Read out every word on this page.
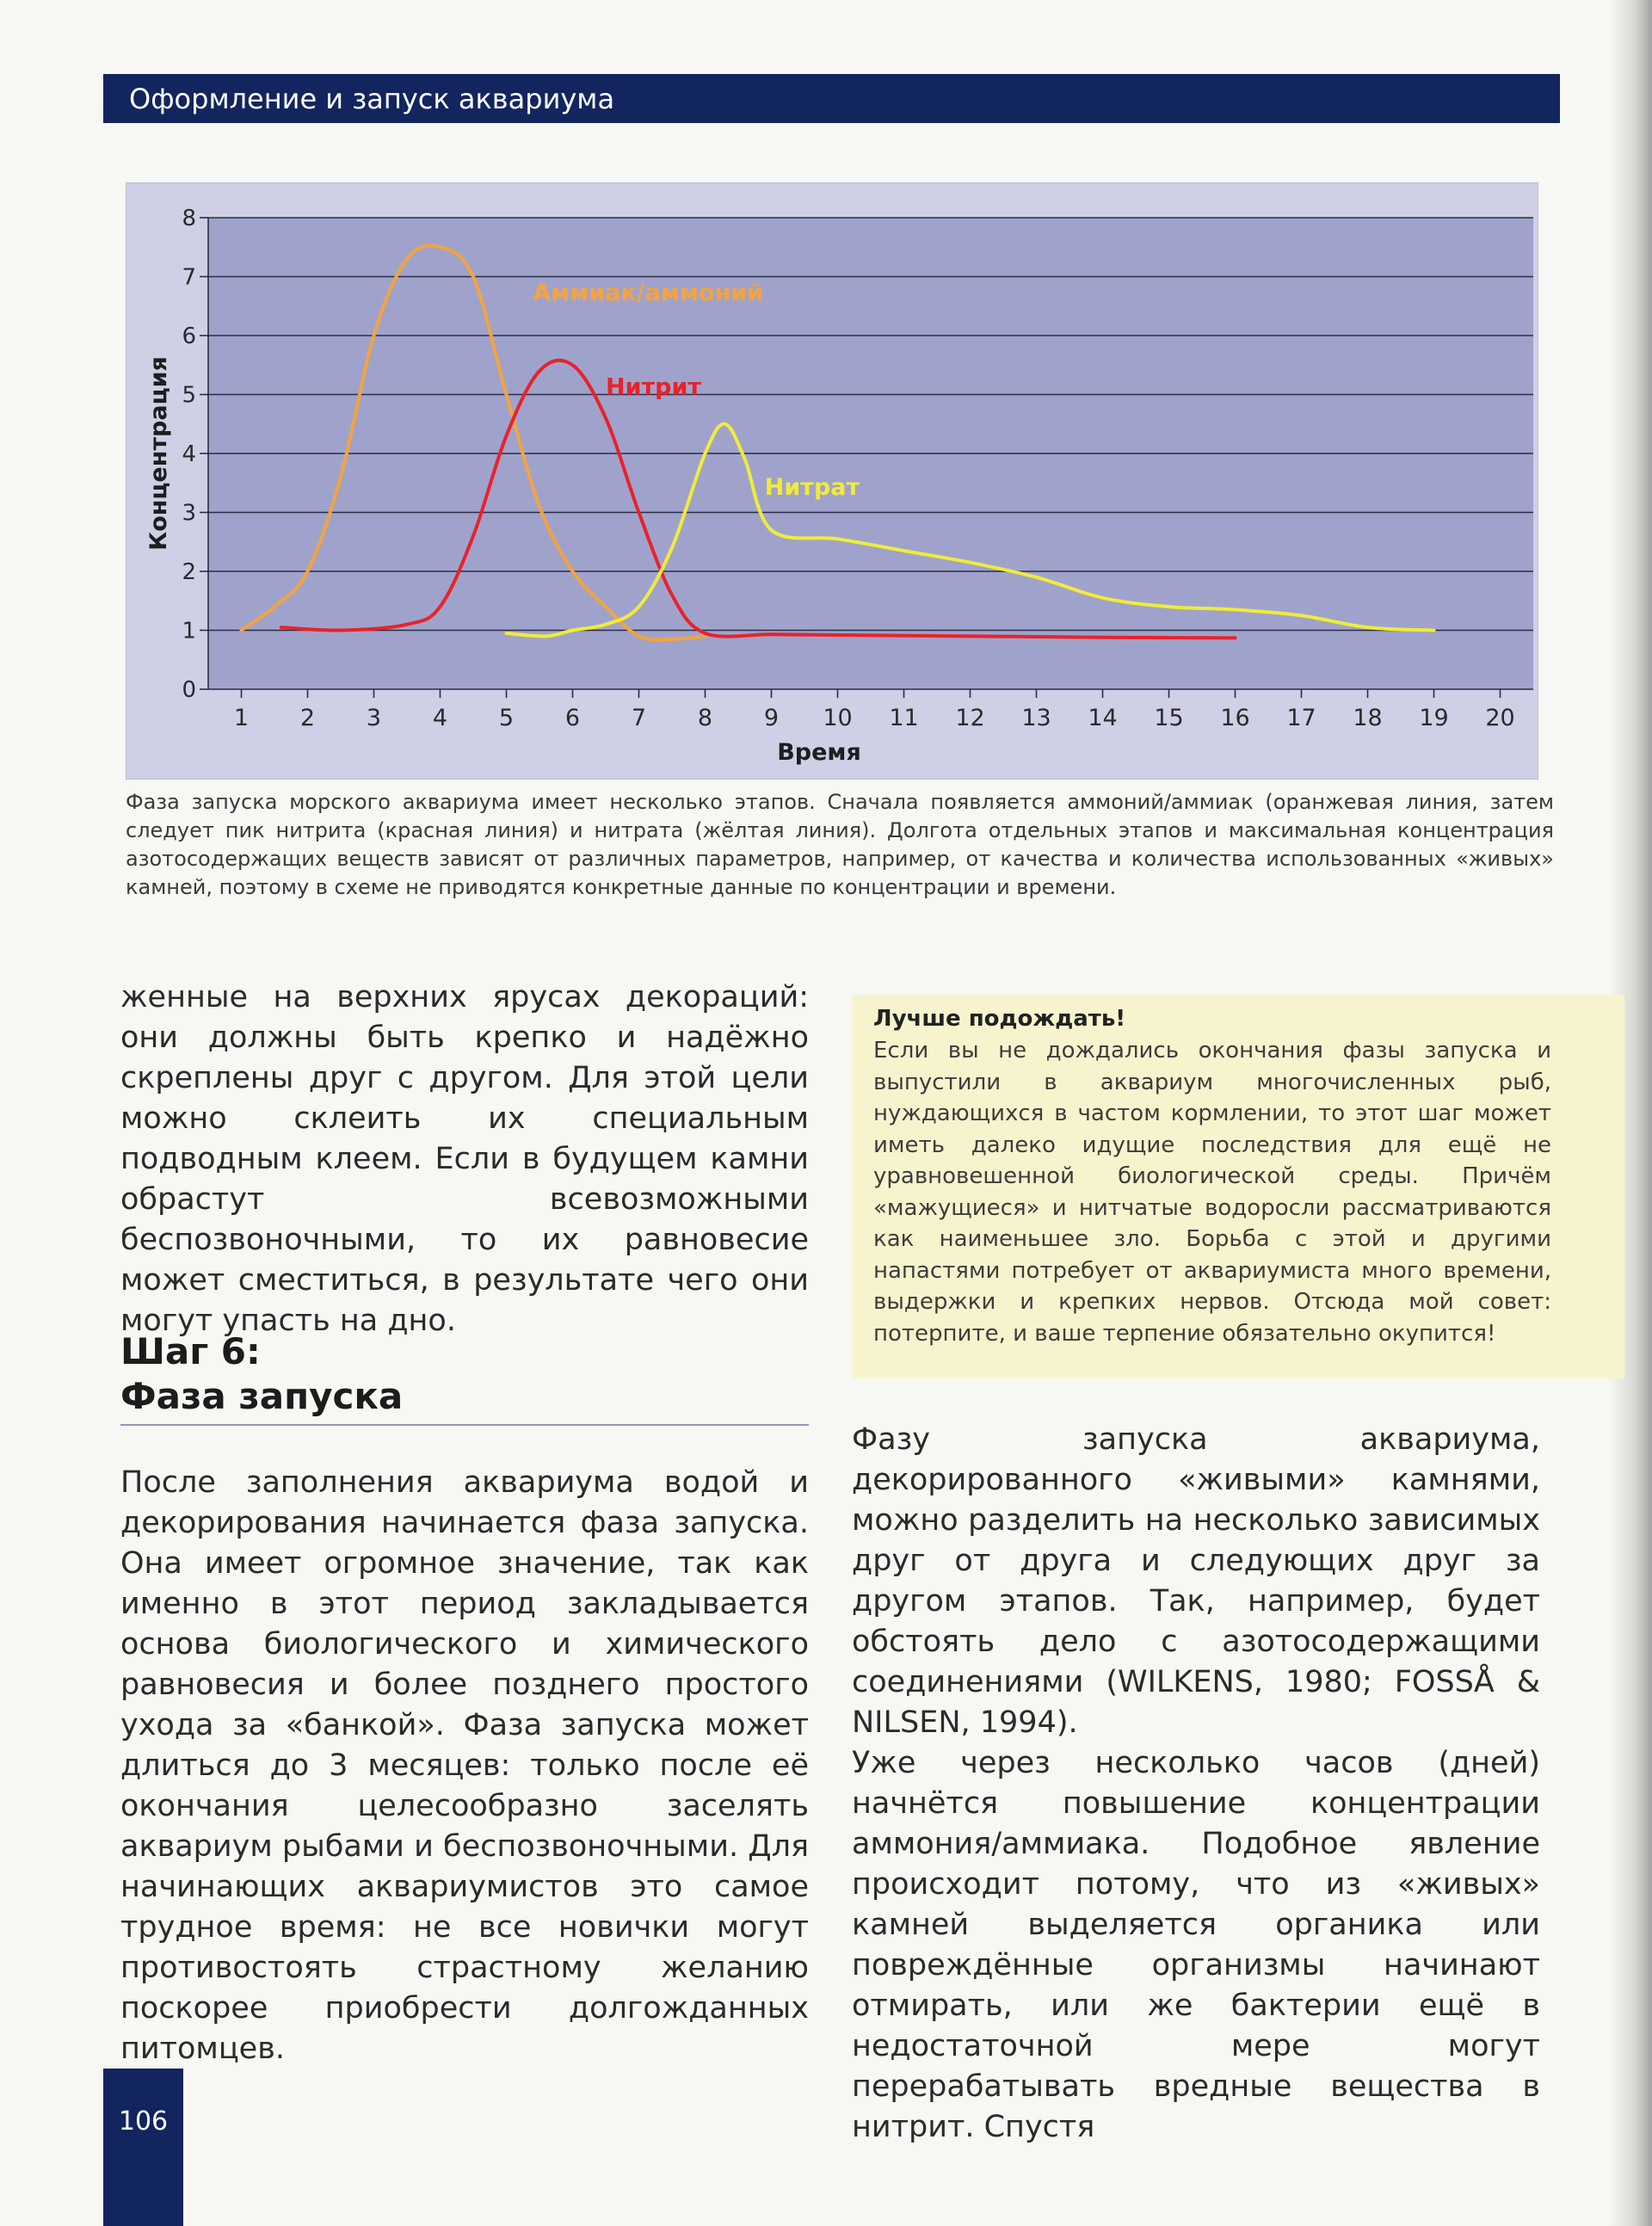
Оформление и запуск аквариума
0
1
2
3
4
5
6
7
8
1 2 3 4 5 6 7 8 9 10 11 12 13 14 15 16 17 18 19 20
Время
Концентрация
Аммиак/аммоний
Нитрит
Нитрат

Фаза запуска морского аквариума имеет несколько этапов. Сначала появляется аммоний/аммиак (оранжевая линия, затем следует пик нитрита (красная линия) и нитрата (жёлтая линия). Долгота отдельных этапов и максимальная концентрация азотосодержащих веществ зависят от различных параметров, например, от качества и количества использованных «живых» камней, поэтому в схеме не приводятся конкретные данные по концентрации и времени.

женные на верхних ярусах декораций: они должны быть крепко и надёжно скреплены друг с другом. Для этой цели можно склеить их специальным подводным клеем. Если в будущем камни обрастут всевозможными беспозвоночными, то их равновесие может сместиться, в результате чего они могут упасть на дно.

Шаг 6:
Фаза запуска

После заполнения аквариума водой и декорирования начинается фаза запуска. Она имеет огромное значение, так как именно в этот период закладывается основа биологического и химического равновесия и более позднего простого ухода за «банкой». Фаза запуска может длиться до 3 месяцев: только после её окончания целесообразно заселять аквариум рыбами и беспозвоночными. Для начинающих аквариумистов это самое трудное время: не все новички могут противостоять страстному желанию поскорее приобрести долгожданных питомцев.

Лучше подождать!

Если вы не дождались окончания фазы запуска и выпустили в аквариум многочисленных рыб, нуждающихся в частом кормлении, то этот шаг может иметь далеко идущие последствия для ещё не уравновешенной биологической среды. Причём «мажущиеся» и нитчатые водоросли рассматриваются как наименьшее зло. Борьба с этой и другими напастями потребует от аквариумиста много времени, выдержки и крепких нервов. Отсюда мой совет: потерпите, и ваше терпение обязательно окупится!

Фазу запуска аквариума, декорированного «живыми» камнями, можно разделить на несколько зависимых друг от друга и следующих друг за другом этапов. Так, например, будет обстоять дело с азотосодержащими соединениями (WILKENS, 1980; FOSSÅ & NILSEN, 1994).

Уже через несколько часов (дней) начнётся повышение концентрации аммония/аммиака. Подобное явление происходит потому, что из «живых» камней выделяется органика или повреждённые организмы начинают отмирать, или же бактерии ещё в недостаточной мере могут перерабатывать вредные вещества в нитрит. Спустя

106
